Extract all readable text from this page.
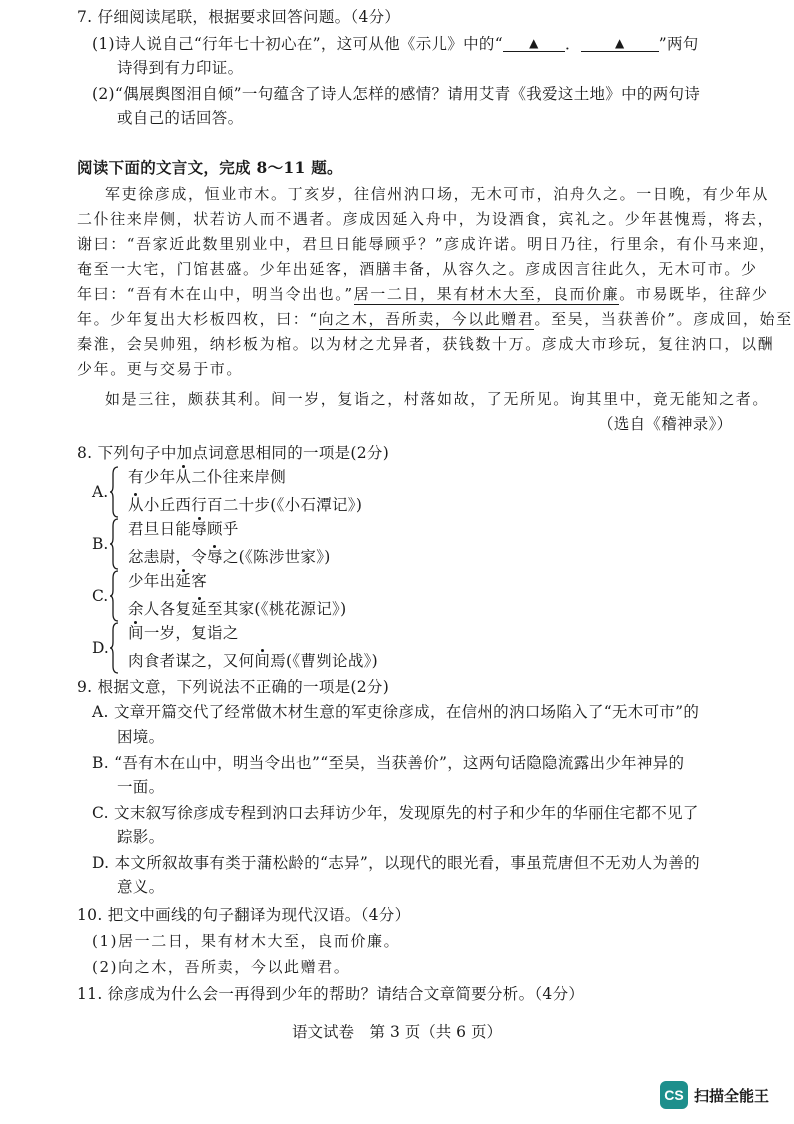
7. 仔细阅读尾联，根据要求回答问题。（4分）
(1)诗人说自己“行年七十初心在”，这可从他《示儿》中的“ ▲ ．	▲ ”两句
诗得到有力印证。
(2)“偶展舆图泪自倾”一句蕴含了诗人怎样的感情？请用艾青《我爱这土地》中的两句诗
或自己的话回答。
阅读下面的文言文，完成 8～11 题。
军吏徐彦成，恒业市木。丁亥岁，往信州汭口场，无木可市，泊舟久之。一日晚，有少年从
二仆往来岸侧，状若访人而不遇者。彦成因延入舟中，为设酒食，宾礼之。少年甚愧焉，将去，
谢曰：“吾家近此数里别业中，君旦日能辱顾乎？”彦成许诺。明日乃往，行里余，有仆马来迎，
奄至一大宅，门馆甚盛。少年出延客，酒膳丰备，从容久之。彦成因言往此久，无木可市。少
年曰：“吾有木在山中，明当令出也。”居一二日，果有材木大至，良而价廉。市易既毕，往辞少
年。少年复出大杉板四枚，曰：“向之木，吾所卖，今以此赠君。至吴，当获善价”。彦成回，始至
秦淮，会吴帅殂，纳杉板为棺。以为材之尤异者，获钱数十万。彦成大市珍玩，复往汭口，以酬
少年。更与交易于市。
如是三往，颇获其利。间一岁，复诣之，村落如故，了无所见。询其里中，竟无能知之者。
（选自《稽神录》）
8. 下列句子中加点词意思相同的一项是(2分)
A.
有少年从二仆往来岸侧
从小丘西行百二十步(《小石潭记》)
B.
君旦日能辱顾乎
忿恚尉，令辱之(《陈涉世家》)
C.
少年出延客
余人各复延至其家(《桃花源记》)
D.
间一岁，复诣之
肉食者谋之，又何间焉(《曹刿论战》)
9. 根据文意，下列说法不正确的一项是(2分)
A. 文章开篇交代了经常做木材生意的军吏徐彦成，在信州的汭口场陷入了“无木可市”的
困境。
B. “吾有木在山中，明当令出也”“至吴，当获善价”，这两句话隐隐流露出少年神异的
一面。
C. 文末叙写徐彦成专程到汭口去拜访少年，发现原先的村子和少年的华丽住宅都不见了
踪影。
D. 本文所叙故事有类于蒲松龄的“志异”，以现代的眼光看，事虽荒唐但不无劝人为善的
意义。
10. 把文中画线的句子翻译为现代汉语。（4分）
(1)居一二日，果有材木大至，良而价廉。
(2)向之木，吾所卖，今以此赠君。
11. 徐彦成为什么会一再得到少年的帮助？请结合文章简要分析。（4分）
语文试卷　第 3 页（共 6 页）
CS 扫描全能王
